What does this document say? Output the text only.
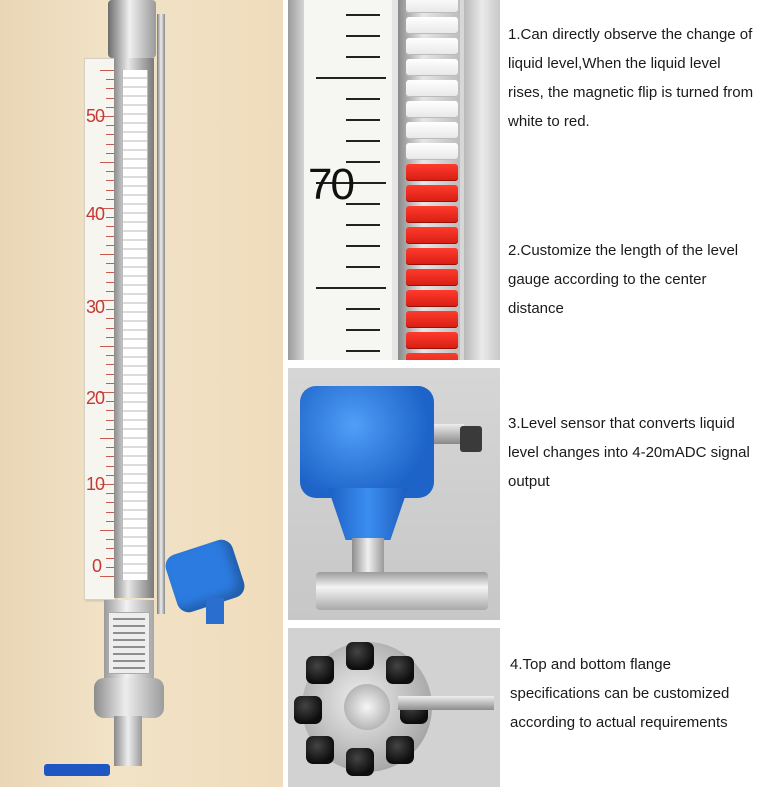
50
40
30
20
10
0
70
1.Can directly observe the change of liquid level,When the liquid level rises, the magnetic flip is turned from white to red.
2.Customize the length of the level gauge according to the center distance
3.Level sensor that converts liquid level changes into 4-20mADC signal output
4.Top and bottom flange specifications can be customized according to actual requirements
